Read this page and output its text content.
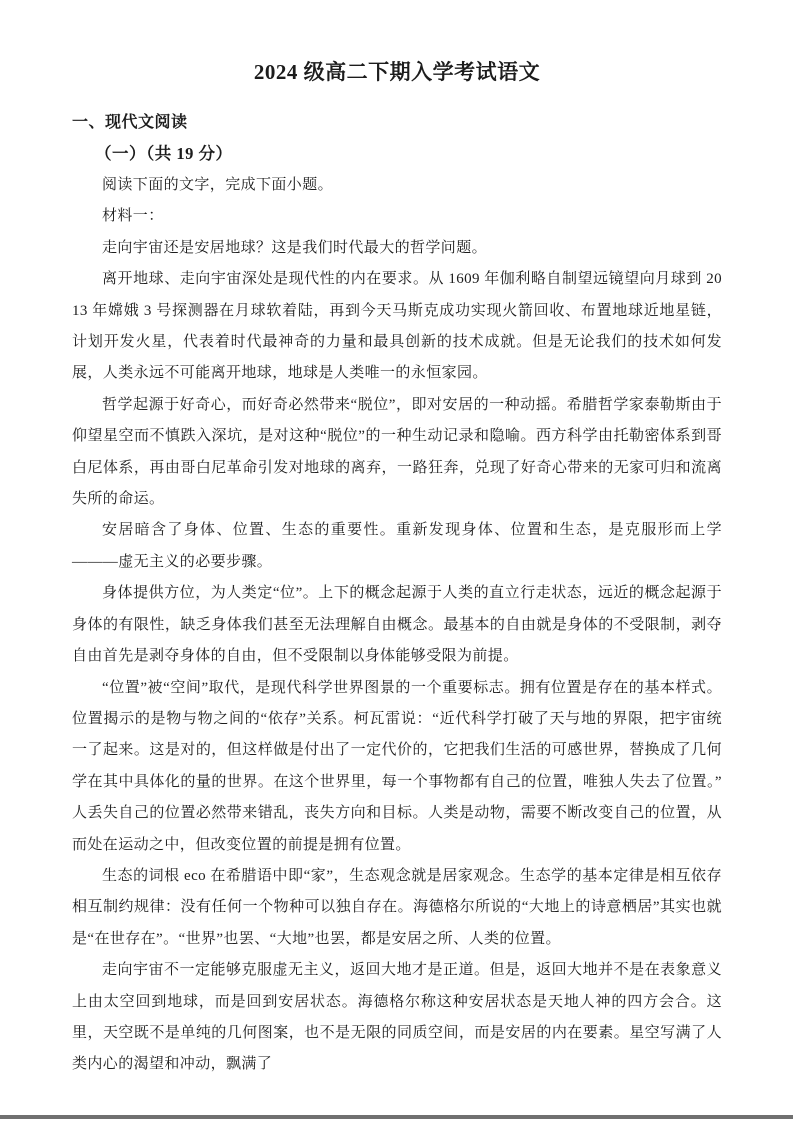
2024 级高二下期入学考试语文
一、现代文阅读
（一）（共 19 分）

阅读下面的文字，完成下面小题。

材料一：

走向宇宙还是安居地球？这是我们时代最大的哲学问题。

离开地球、走向宇宙深处是现代性的内在要求。从 1609 年伽利略自制望远镜望向月球到 2013 年嫦娥 3 号探测器在月球软着陆，再到今天马斯克成功实现火箭回收、布置地球近地星链，计划开发火星，代表着时代最神奇的力量和最具创新的技术成就。但是无论我们的技术如何发展，人类永远不可能离开地球，地球是人类唯一的永恒家园。

哲学起源于好奇心，而好奇必然带来“脱位”，即对安居的一种动摇。希腊哲学家泰勒斯由于仰望星空而不慎跌入深坑，是对这种“脱位”的一种生动记录和隐喻。西方科学由托勒密体系到哥白尼体系，再由哥白尼革命引发对地球的离弃，一路狂奔，兑现了好奇心带来的无家可归和流离失所的命运。

安居暗含了身体、位置、生态的重要性。重新发现身体、位置和生态，是克服形而上学———虚无主义的必要步骤。

身体提供方位，为人类定“位”。上下的概念起源于人类的直立行走状态，远近的概念起源于身体的有限性，缺乏身体我们甚至无法理解自由概念。最基本的自由就是身体的不受限制，剥夺自由首先是剥夺身体的自由，但不受限制以身体能够受限为前提。

“位置”被“空间”取代，是现代科学世界图景的一个重要标志。拥有位置是存在的基本样式。位置揭示的是物与物之间的“依存”关系。柯瓦雷说：“近代科学打破了天与地的界限，把宇宙统一了起来。这是对的，但这样做是付出了一定代价的，它把我们生活的可感世界，替换成了几何学在其中具体化的量的世界。在这个世界里，每一个事物都有自己的位置，唯独人失去了位置。”人丢失自己的位置必然带来错乱，丧失方向和目标。人类是动物，需要不断改变自己的位置，从而处在运动之中，但改变位置的前提是拥有位置。

生态的词根 eco 在希腊语中即“家”，生态观念就是居家观念。生态学的基本定律是相互依存相互制约规律：没有任何一个物种可以独自存在。海德格尔所说的“大地上的诗意栖居”其实也就是“在世存在”。“世界”也罢、“大地”也罢，都是安居之所、人类的位置。

走向宇宙不一定能够克服虚无主义，返回大地才是正道。但是，返回大地并不是在表象意义上由太空回到地球，而是回到安居状态。海德格尔称这种安居状态是天地人神的四方会合。这里，天空既不是单纯的几何图案，也不是无限的同质空间，而是安居的内在要素。星空写满了人类内心的渴望和冲动，飘满了
